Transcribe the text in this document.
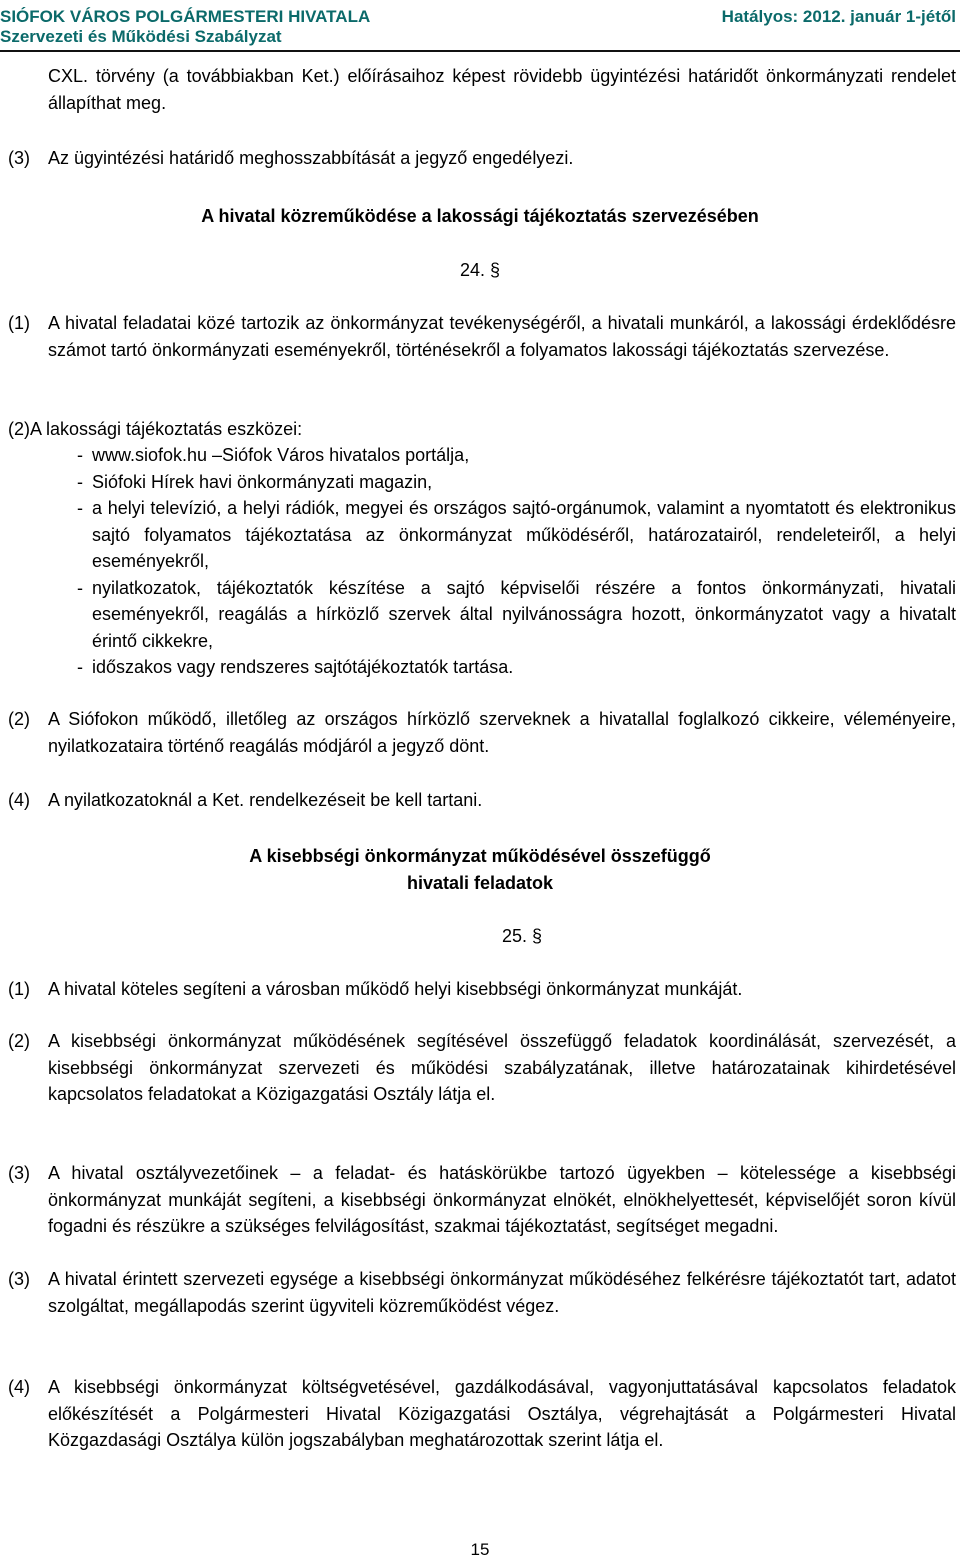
SIÓFOK VÁROS POLGÁRMESTERI HIVATALA
Szervezeti és Működési Szabályzat
Hatályos: 2012. január 1-jétől
CXL. törvény (a továbbiakban Ket.) előírásaihoz képest rövidebb ügyintézési határidőt önkormányzati rendelet állapíthat meg.
(3)	Az ügyintézési határidő meghosszabbítását a jegyző engedélyezi.
A hivatal közreműködése a lakossági tájékoztatás szervezésében
24. §
(1)	A hivatal feladatai közé tartozik az önkormányzat tevékenységéről, a hivatali munkáról, a lakossági érdeklődésre számot tartó önkormányzati eseményekről, történésekről a folyamatos lakossági tájékoztatás szervezése.
(2)A lakossági tájékoztatás eszközei:
- www.siofok.hu –Siófok Város hivatalos portálja,
- Siófoki Hírek havi önkormányzati magazin,
- a helyi televízió, a helyi rádiók, megyei és országos sajtó-orgánumok, valamint a nyomtatott és elektronikus sajtó folyamatos tájékoztatása az önkormányzat működéséről, határozatairól, rendeleteiről, a helyi eseményekről,
- nyilatkozatok, tájékoztatók készítése a sajtó képviselői részére a fontos önkormányzati, hivatali eseményekről, reagálás a hírközlő szervek által nyilvánosságra hozott, önkormányzatot vagy a hivatalt érintő cikkekre,
- időszakos vagy rendszeres sajtótájékoztatók tartása.
(2)	A Siófokon működő, illetőleg az országos hírközlő szerveknek a hivatallal foglalkozó cikkeire, véleményeire, nyilatkozataira történő reagálás módjáról a jegyző dönt.
(4)	A nyilatkozatoknál a Ket. rendelkezéseit be kell tartani.
A kisebbségi önkormányzat működésével összefüggő
hivatali feladatok
25. §
(1)	A hivatal köteles segíteni a városban működő helyi kisebbségi önkormányzat munkáját.
(2)	A kisebbségi önkormányzat működésének segítésével összefüggő feladatok koordinálását, szervezését, a kisebbségi önkormányzat szervezeti és működési szabályzatának, illetve határozatainak kihirdetésével kapcsolatos feladatokat a Közigazgatási Osztály látja el.
(3)	A hivatal osztályvezetőinek – a feladat- és hatáskörükbe tartozó ügyekben – kötelessége a kisebbségi önkormányzat munkáját segíteni, a kisebbségi önkormányzat elnökét, elnökhelyettesét, képviselőjét soron kívül fogadni és részükre a szükséges felvilágosítást, szakmai tájékoztatást, segítséget megadni.
(3)	A hivatal érintett szervezeti egysége a kisebbségi önkormányzat működéséhez felkérésre tájékoztatót tart, adatot szolgáltat, megállapodás szerint ügyviteli közreműködést végez.
(4)	A kisebbségi önkormányzat költségvetésével, gazdálkodásával, vagyonjuttatásával kapcsolatos feladatok előkészítését a Polgármesteri Hivatal Közigazgatási Osztálya, végrehajtását a Polgármesteri Hivatal Közgazdasági Osztálya külön jogszabályban meghatározottak szerint látja el.
15
